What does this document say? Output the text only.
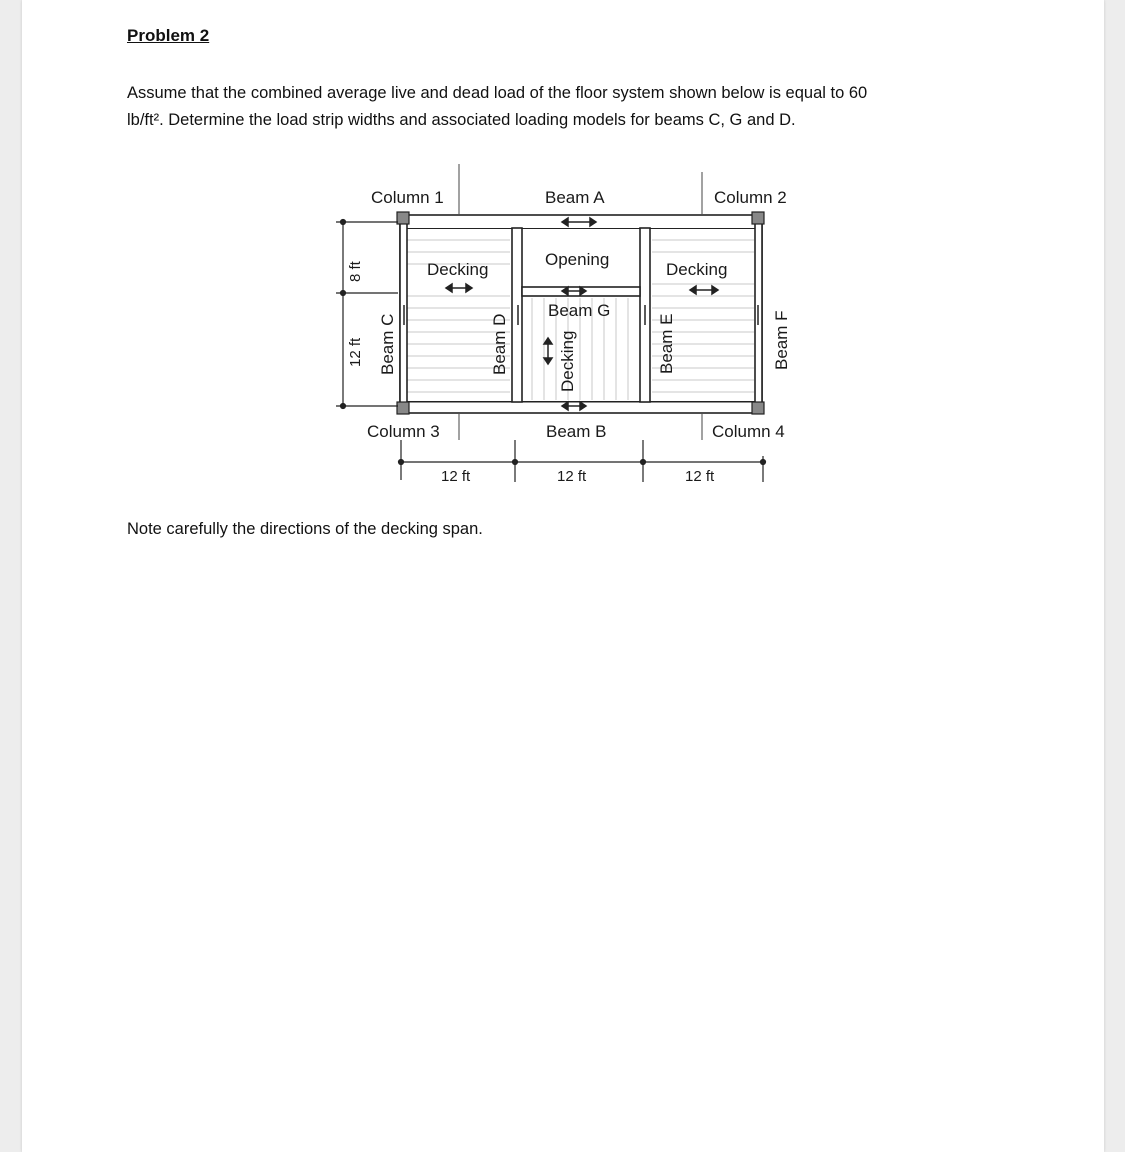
Problem 2
Assume that the combined average live and dead load of the floor system shown below is equal to 60
lb/ft². Determine the load strip widths and associated loading models for beams C, G and D.
Column 1	Column 2
Column 3	Column 4
Beam A
Beam B
Beam G
Opening
Decking	Decking
Beam C	Beam D	Beam E	Beam F
Decking
8 ft
12 ft
12 ft	12 ft	12 ft
Note carefully the directions of the decking span.
